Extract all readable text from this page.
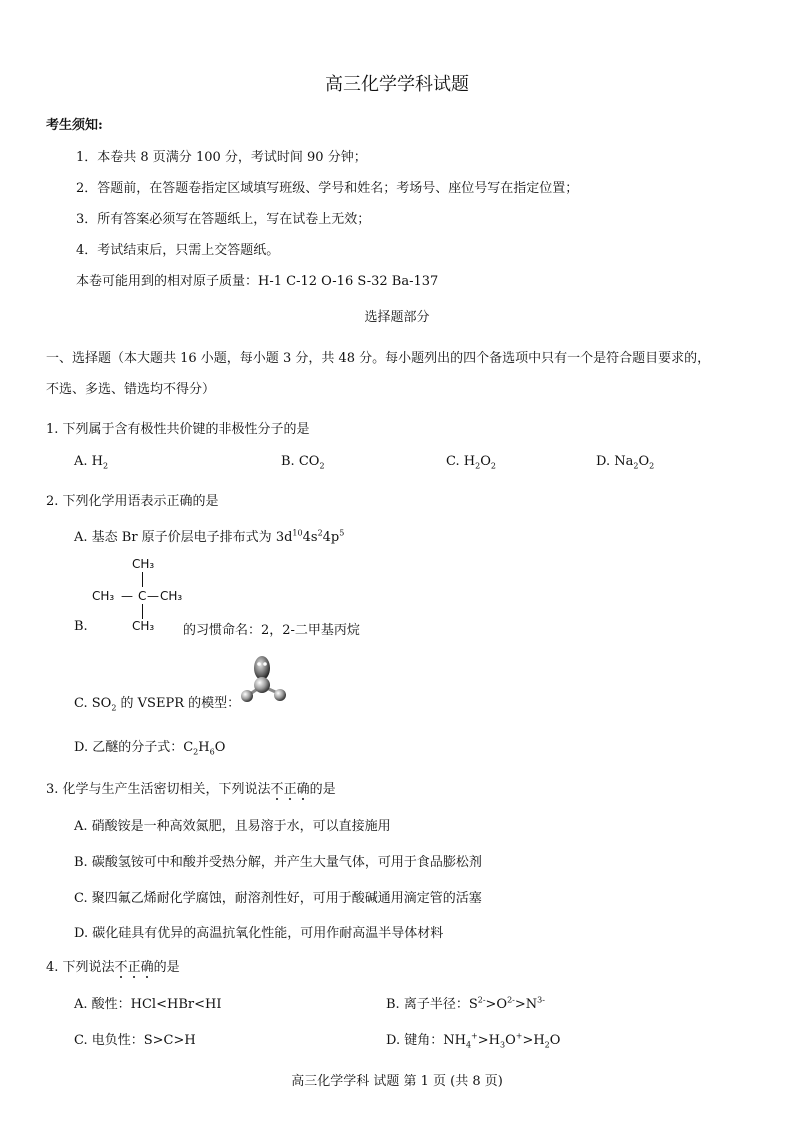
高三化学学科试题
考生须知:
1．本卷共 8 页满分 100 分，考试时间 90 分钟；
2．答题前，在答题卷指定区域填写班级、学号和姓名；考场号、座位号写在指定位置；
3．所有答案必须写在答题纸上，写在试卷上无效；
4．考试结束后，只需上交答题纸。
本卷可能用到的相对原子质量：H-1 C-12 O-16 S-32 Ba-137
选择题部分
一、选择题（本大题共 16 小题，每小题 3 分，共 48 分。每小题列出的四个备选项中只有一个是符合题目要求的，
不选、多选、错选均不得分）
1. 下列属于含有极性共价键的非极性分子的是
A. $H_2$	B. $CO_2$	C. $H_2O_2$	D. $Na_2O_2$
2. 下列化学用语表示正确的是
A. 基态 Br 原子价层电子排布式为 $3d^{10}4s^24p^5$
CH₃
CH₃ — C — CH₃
CH₃
B.	的习惯命名：2，2-二甲基丙烷
C. $SO_2$ 的 VSEPR 的模型：
D. 乙醚的分子式：$C_2H_6O$
3. 化学与生产生活密切相关，下列说法不正确的是
A. 硝酸铵是一种高效氮肥，且易溶于水，可以直接施用
B. 碳酸氢铵可中和酸并受热分解，并产生大量气体，可用于食品膨松剂
C. 聚四氟乙烯耐化学腐蚀，耐溶剂性好，可用于酸碱通用滴定管的活塞
D. 碳化硅具有优异的高温抗氧化性能，可用作耐高温半导体材料
4. 下列说法不正确的是
A. 酸性：HCl<HBr<HI	B. 离子半径：$S^{2-}>O^{2-}>N^{3-}$
C. 电负性：S>C>H	D. 键角：$NH_4^+>H_3O^+>H_2O$
高三化学学科 试题 第 1 页 (共 8 页)
